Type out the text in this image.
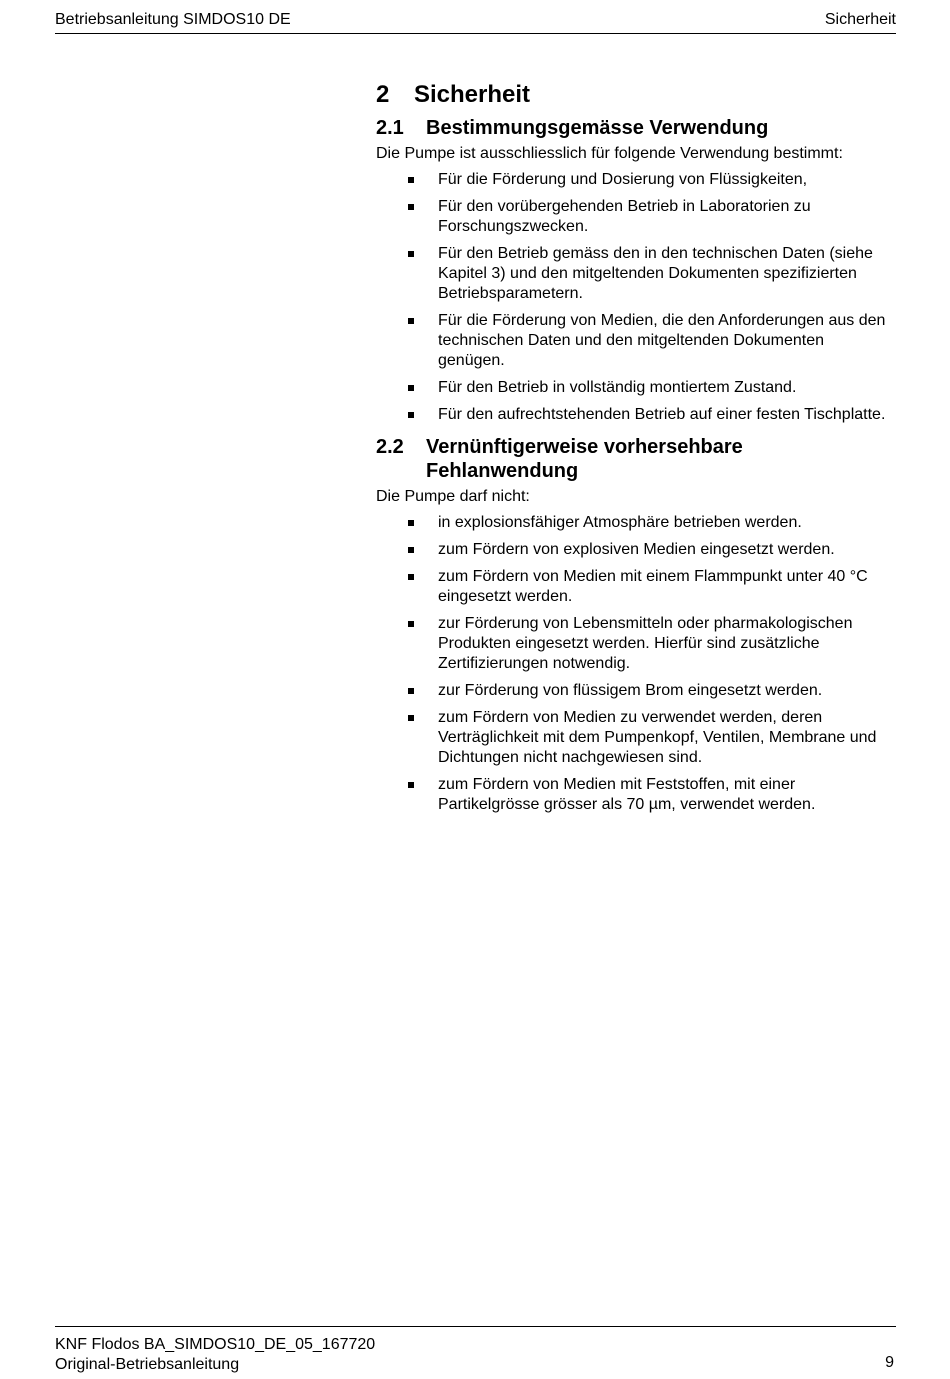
Betriebsanleitung SIMDOS10 DE	Sicherheit
2	Sicherheit
2.1	Bestimmungsgemässe Verwendung

Die Pumpe ist ausschliesslich für folgende Verwendung bestimmt:

Für die Förderung und Dosierung von Flüssigkeiten,
Für den vorübergehenden Betrieb in Laboratorien zu Forschungszwecken.
Für den Betrieb gemäss den in den technischen Daten (siehe Kapitel 3) und den mitgeltenden Dokumenten spezifizierten Betriebsparametern.
Für die Förderung von Medien, die den Anforderungen aus den technischen Daten und den mitgeltenden Dokumenten genügen.
Für den Betrieb in vollständig montiertem Zustand.
Für den aufrechtstehenden Betrieb auf einer festen Tischplatte.
2.2	Vernünftigerweise vorhersehbare Fehlanwendung

Die Pumpe darf nicht:

in explosionsfähiger Atmosphäre betrieben werden.
zum Fördern von explosiven Medien eingesetzt werden.
zum Fördern von Medien mit einem Flammpunkt unter 40 °C eingesetzt werden.
zur Förderung von Lebensmitteln oder pharmakologischen Produkten eingesetzt werden. Hierfür sind zusätzliche Zertifizierungen notwendig.
zur Förderung von flüssigem Brom eingesetzt werden.
zum Fördern von Medien zu verwendet werden, deren Verträglichkeit mit dem Pumpenkopf, Ventilen, Membrane und Dichtungen nicht nachgewiesen sind.
zum Fördern von Medien mit Feststoffen, mit einer Partikelgrösse grösser als 70 µm, verwendet werden.
KNF Flodos BA_SIMDOS10_DE_05_167720
Original-Betriebsanleitung	9
